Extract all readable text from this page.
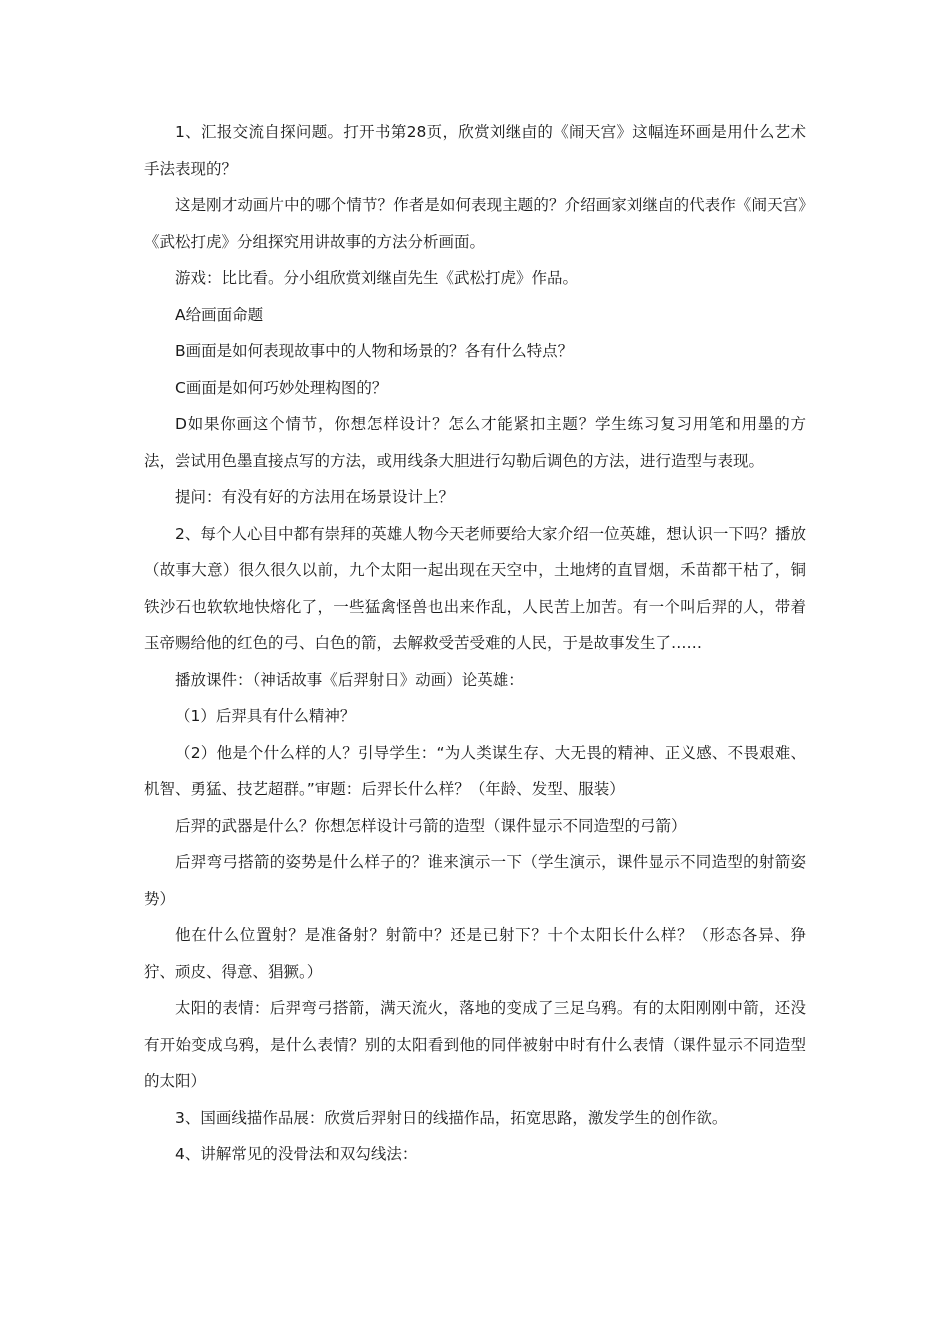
1、汇报交流自探问题。打开书第28页，欣赏刘继卣的《闹天宫》这幅连环画是用什么艺术手法表现的？

这是刚才动画片中的哪个情节？作者是如何表现主题的？介绍画家刘继卣的代表作《闹天宫》《武松打虎》分组探究用讲故事的方法分析画面。

游戏：比比看。分小组欣赏刘继卣先生《武松打虎》作品。

A给画面命题

B画面是如何表现故事中的人物和场景的？各有什么特点？

C画面是如何巧妙处理构图的？

D如果你画这个情节，你想怎样设计？怎么才能紧扣主题？学生练习复习用笔和用墨的方法，尝试用色墨直接点写的方法，或用线条大胆进行勾勒后调色的方法，进行造型与表现。

提问：有没有好的方法用在场景设计上？

2、每个人心目中都有崇拜的英雄人物今天老师要给大家介绍一位英雄，想认识一下吗？播放（故事大意）很久很久以前，九个太阳一起出现在天空中，土地烤的直冒烟，禾苗都干枯了，铜铁沙石也软软地快熔化了，一些猛禽怪兽也出来作乱，人民苦上加苦。有一个叫后羿的人，带着玉帝赐给他的红色的弓、白色的箭，去解救受苦受难的人民，于是故事发生了……

播放课件：（神话故事《后羿射日》动画）论英雄：

（1）后羿具有什么精神？

（2）他是个什么样的人？引导学生：“为人类谋生存、大无畏的精神、正义感、不畏艰难、机智、勇猛、技艺超群。”审题：后羿长什么样？（年龄、发型、服装）

后羿的武器是什么？你想怎样设计弓箭的造型（课件显示不同造型的弓箭）

后羿弯弓搭箭的姿势是什么样子的？谁来演示一下（学生演示，课件显示不同造型的射箭姿势）

他在什么位置射？是准备射？射箭中？还是已射下？十个太阳长什么样？（形态各异、狰狞、顽皮、得意、猖獗。）

太阳的表情：后羿弯弓搭箭，满天流火，落地的变成了三足乌鸦。有的太阳刚刚中箭，还没有开始变成乌鸦，是什么表情？别的太阳看到他的同伴被射中时有什么表情（课件显示不同造型的太阳）

3、国画线描作品展：欣赏后羿射日的线描作品，拓宽思路，激发学生的创作欲。

4、讲解常见的没骨法和双勾线法：
